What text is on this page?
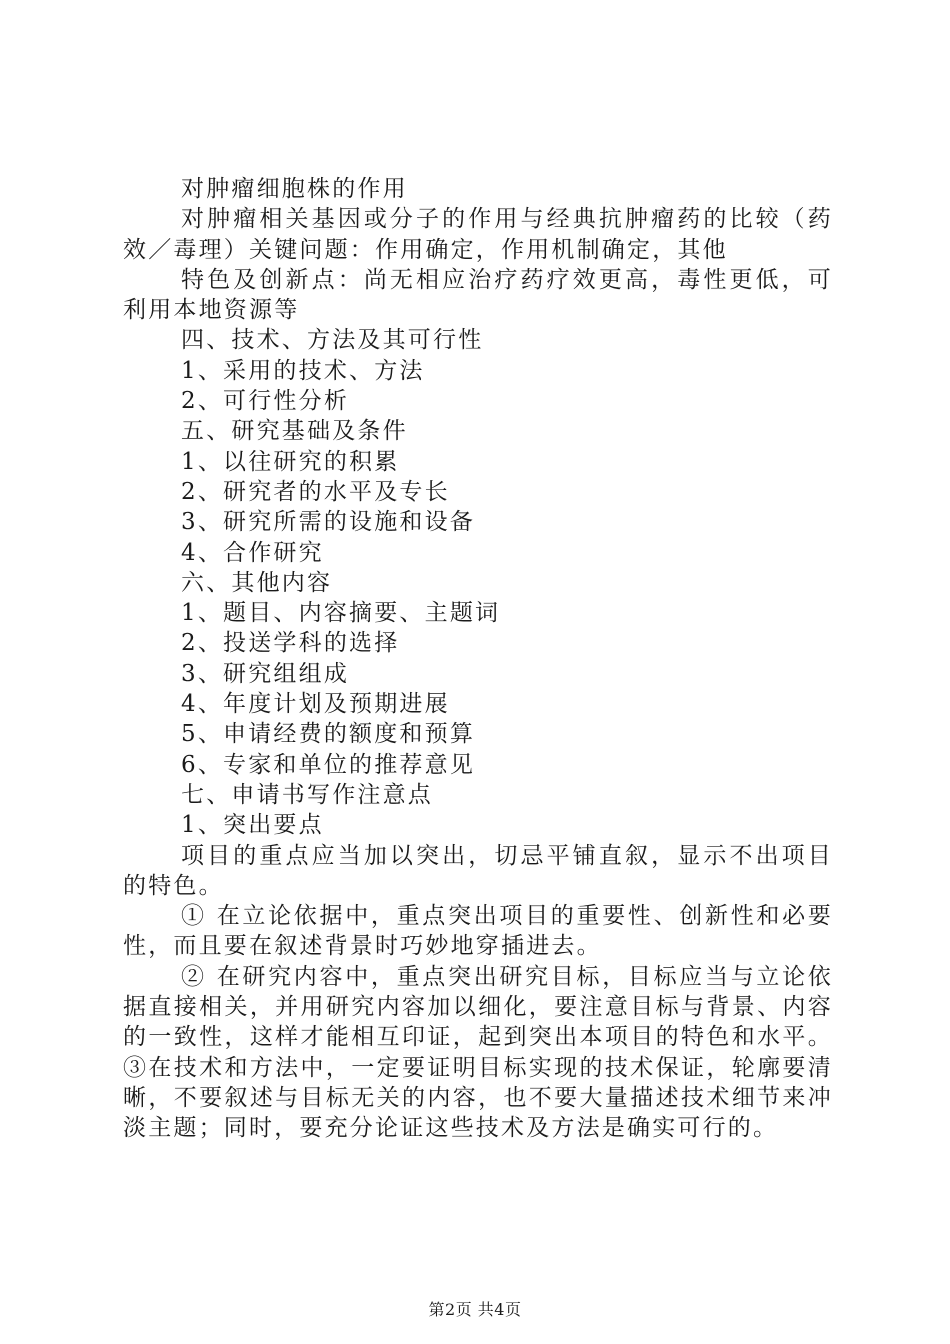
对肿瘤细胞株的作用

对肿瘤相关基因或分子的作用与经典抗肿瘤药的比较（药效／毒理）关键问题：作用确定，作用机制确定，其他

特色及创新点：尚无相应治疗药疗效更高，毒性更低，可利用本地资源等

四、技术、方法及其可行性

1、采用的技术、方法

2、可行性分析

五、研究基础及条件

1、以往研究的积累

2、研究者的水平及专长

3、研究所需的设施和设备

4、合作研究

六、其他内容

1、题目、内容摘要、主题词

2、投送学科的选择

3、研究组组成

4、年度计划及预期进展

5、申请经费的额度和预算

6、专家和单位的推荐意见

七、申请书写作注意点

1、突出要点

项目的重点应当加以突出，切忌平铺直叙，显示不出项目的特色。

① 在立论依据中，重点突出项目的重要性、创新性和必要性，而且要在叙述背景时巧妙地穿插进去。

② 在研究内容中，重点突出研究目标，目标应当与立论依据直接相关，并用研究内容加以细化，要注意目标与背景、内容的一致性，这样才能相互印证，起到突出本项目的特色和水平。③在技术和方法中，一定要证明目标实现的技术保证，轮廓要清晰，不要叙述与目标无关的内容，也不要大量描述技术细节来冲淡主题；同时，要充分论证这些技术及方法是确实可行的。

第2页 共4页
